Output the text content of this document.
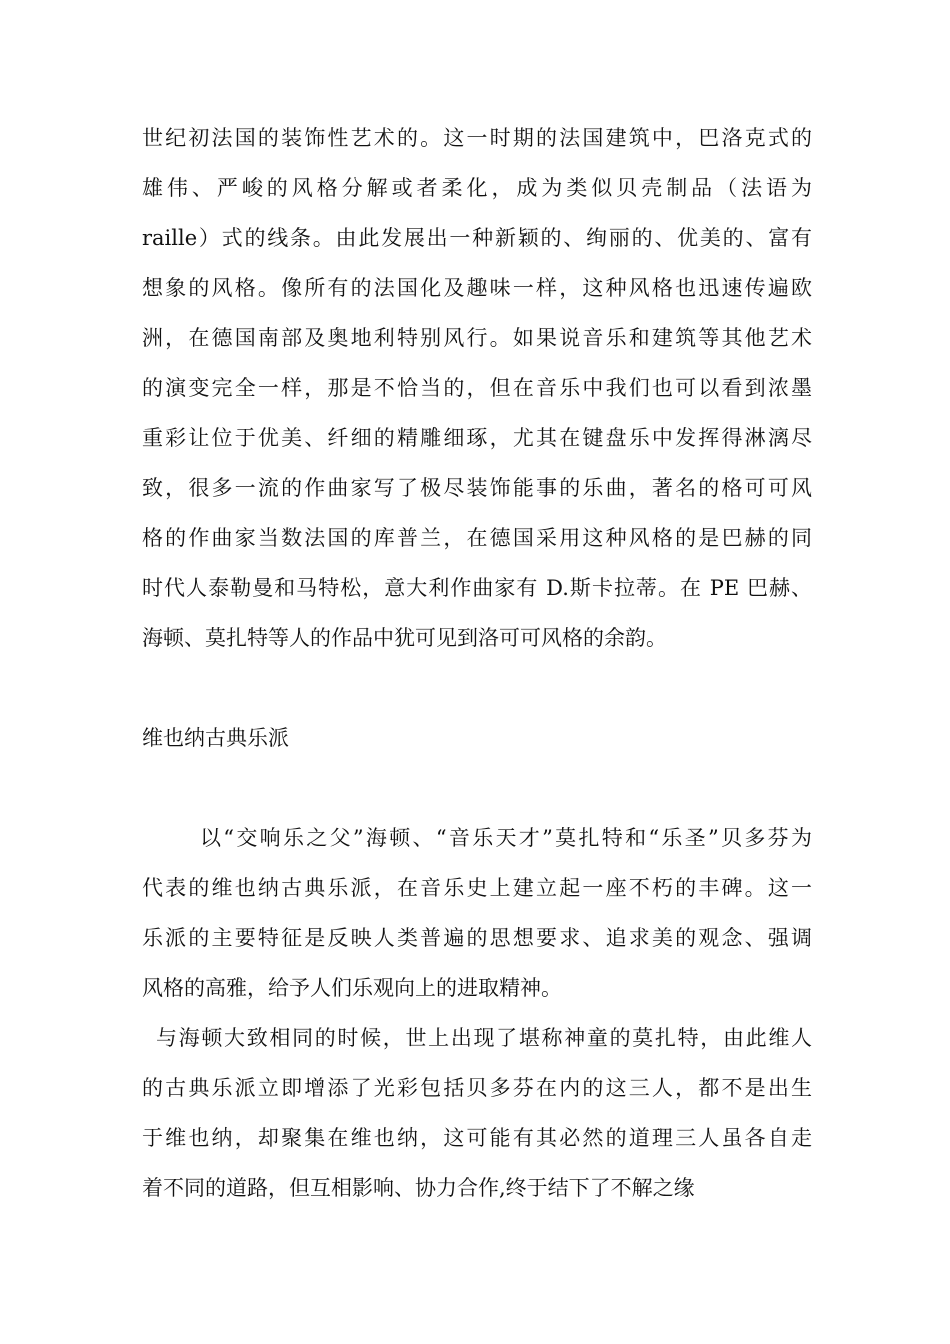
世纪初法国的装饰性艺术的。这一时期的法国建筑中，巴洛克式的
雄伟、严峻的风格分解或者柔化，成为类似贝壳制品（法语为
raille）式的线条。由此发展出一种新颖的、绚丽的、优美的、富有
想象的风格。像所有的法国化及趣味一样，这种风格也迅速传遍欧
洲，在德国南部及奥地利特别风行。如果说音乐和建筑等其他艺术
的演变完全一样，那是不恰当的，但在音乐中我们也可以看到浓墨
重彩让位于优美、纤细的精雕细琢，尤其在键盘乐中发挥得淋漓尽
致，很多一流的作曲家写了极尽装饰能事的乐曲，著名的格可可风
格的作曲家当数法国的库普兰，在德国采用这种风格的是巴赫的同
时代人泰勒曼和马特松，意大利作曲家有 D.斯卡拉蒂。在 PE 巴赫、
海顿、莫扎特等人的作品中犹可见到洛可可风格的余韵。
维也纳古典乐派
以“交响乐之父”海顿、“音乐天才”莫扎特和“乐圣”贝多芬为
代表的维也纳古典乐派，在音乐史上建立起一座不朽的丰碑。这一
乐派的主要特征是反映人类普遍的思想要求、追求美的观念、强调
风格的高雅，给予人们乐观向上的进取精神。
与海顿大致相同的时候，世上出现了堪称神童的莫扎特，由此维人
的古典乐派立即增添了光彩包括贝多芬在内的这三人，都不是出生
于维也纳，却聚集在维也纳，这可能有其必然的道理三人虽各自走
着不同的道路，但互相影响、协力合作,终于结下了不解之缘
